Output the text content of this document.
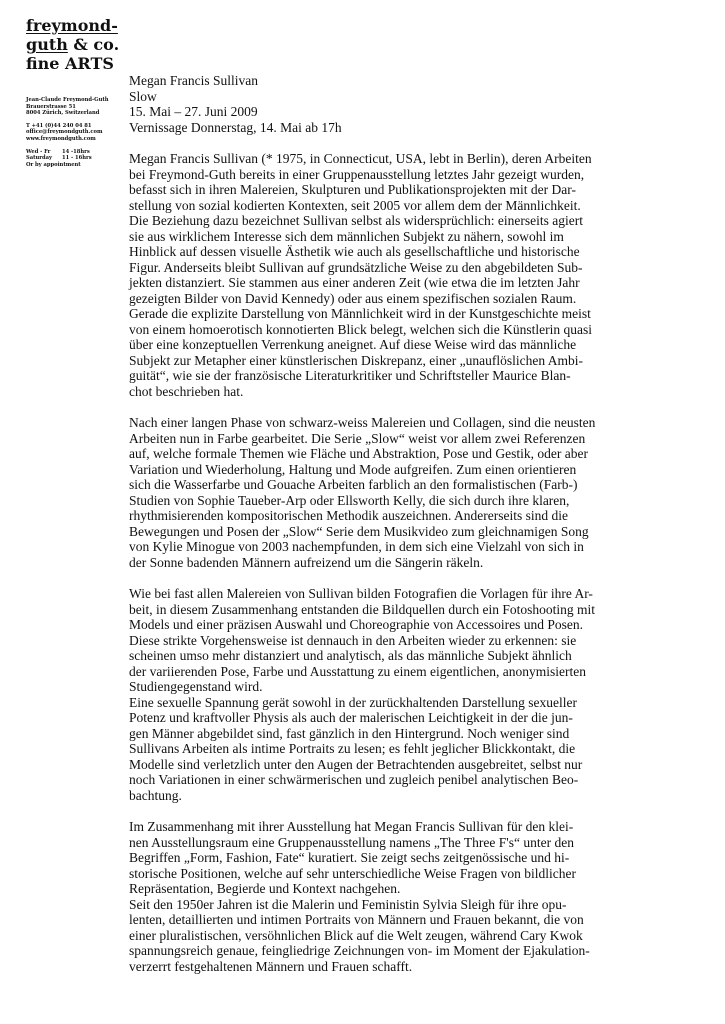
freymond-
guth & co.
fine ARTS
Jean-Claude Freymond-Guth
Brauerstrasse 51
8004 Zürich, Switzerland
T +41 (0)44 240 04 81
office@freymondguth.com
www.freymondguth.com
Wed - Fr 14 -18hrs
Saturday 11 - 16hrs
Or by appointment
Megan Francis Sullivan
Slow
15. Mai – 27. Juni 2009
Vernissage Donnerstag, 14. Mai ab 17h
Megan Francis Sullivan (* 1975, in Connecticut, USA, lebt in Berlin), deren Arbeiten
bei Freymond-Guth bereits in einer Gruppenausstellung letztes Jahr gezeigt wurden,
befasst sich in ihren Malereien, Skulpturen und Publikationsprojekten mit der Dar-
stellung von sozial kodierten Kontexten, seit 2005 vor allem dem der Männlichkeit.
Die Beziehung dazu bezeichnet Sullivan selbst als widersprüchlich: einerseits agiert
sie aus wirklichem Interesse sich dem männlichen Subjekt zu nähern, sowohl im
Hinblick auf dessen visuelle Ästhetik wie auch als gesellschaftliche und historische
Figur. Anderseits bleibt Sullivan auf grundsätzliche Weise zu den abgebildeten Sub-
jekten distanziert. Sie stammen aus einer anderen Zeit (wie etwa die im letzten Jahr
gezeigten Bilder von David Kennedy) oder aus einem spezifischen sozialen Raum.
Gerade die explizite Darstellung von Männlichkeit wird in der Kunstgeschichte meist
von einem homoerotisch konnotierten Blick belegt, welchen sich die Künstlerin quasi
über eine konzeptuellen Verrenkung aneignet. Auf diese Weise wird das männliche
Subjekt zur Metapher einer künstlerischen Diskrepanz, einer „unauflöslichen Ambi-
guität“, wie sie der französische Literaturkritiker und Schriftsteller Maurice Blan-
chot beschrieben hat.
Nach einer langen Phase von schwarz-weiss Malereien und Collagen, sind die neusten
Arbeiten nun in Farbe gearbeitet. Die Serie „Slow“ weist vor allem zwei Referenzen
auf, welche formale Themen wie Fläche und Abstraktion, Pose und Gestik, oder aber
Variation und Wiederholung, Haltung und Mode aufgreifen. Zum einen orientieren
sich die Wasserfarbe und Gouache Arbeiten farblich an den formalistischen (Farb-)
Studien von Sophie Taueber-Arp oder Ellsworth Kelly, die sich durch ihre klaren,
rhythmisierenden kompositorischen Methodik auszeichnen. Andererseits sind die
Bewegungen und Posen der „Slow“ Serie dem Musikvideo zum gleichnamigen Song
von Kylie Minogue von 2003 nachempfunden, in dem sich eine Vielzahl von sich in
der Sonne badenden Männern aufreizend um die Sängerin räkeln.
Wie bei fast allen Malereien von Sullivan bilden Fotografien die Vorlagen für ihre Ar-
beit, in diesem Zusammenhang entstanden die Bildquellen durch ein Fotoshooting mit
Models und einer präzisen Auswahl und Choreographie von Accessoires und Posen.
Diese strikte Vorgehensweise ist dennauch in den Arbeiten wieder zu erkennen: sie
scheinen umso mehr distanziert und analytisch, als das männliche Subjekt ähnlich
der variierenden Pose, Farbe und Ausstattung zu einem eigentlichen, anonymisierten
Studiengegenstand wird.
Eine sexuelle Spannung gerät sowohl in der zurückhaltenden Darstellung sexueller
Potenz und kraftvoller Physis als auch der malerischen Leichtigkeit in der die jun-
gen Männer abgebildet sind, fast gänzlich in den Hintergrund. Noch weniger sind
Sullivans Arbeiten als intime Portraits zu lesen; es fehlt jeglicher Blickkontakt, die
Modelle sind verletzlich unter den Augen der Betrachtenden ausgebreitet, selbst nur
noch Variationen in einer schwärmerischen und zugleich penibel analytischen Beo-
bachtung.
Im Zusammenhang mit ihrer Ausstellung hat Megan Francis Sullivan für den klei-
nen Ausstellungsraum eine Gruppenausstellung namens „The Three F's“ unter den
Begriffen „Form, Fashion, Fate“ kuratiert. Sie zeigt sechs zeitgenössische und hi-
storische Positionen, welche auf sehr unterschiedliche Weise Fragen von bildlicher
Repräsentation, Begierde und Kontext nachgehen.
Seit den 1950er Jahren ist die Malerin und Feministin Sylvia Sleigh für ihre opu-
lenten, detaillierten und intimen Portraits von Männern und Frauen bekannt, die von
einer pluralistischen, versöhnlichen Blick auf die Welt zeugen, während Cary Kwok
spannungsreich genaue, feingliedrige Zeichnungen von- im Moment der Ejakulation-
verzerrt festgehaltenen Männern und Frauen schafft.
